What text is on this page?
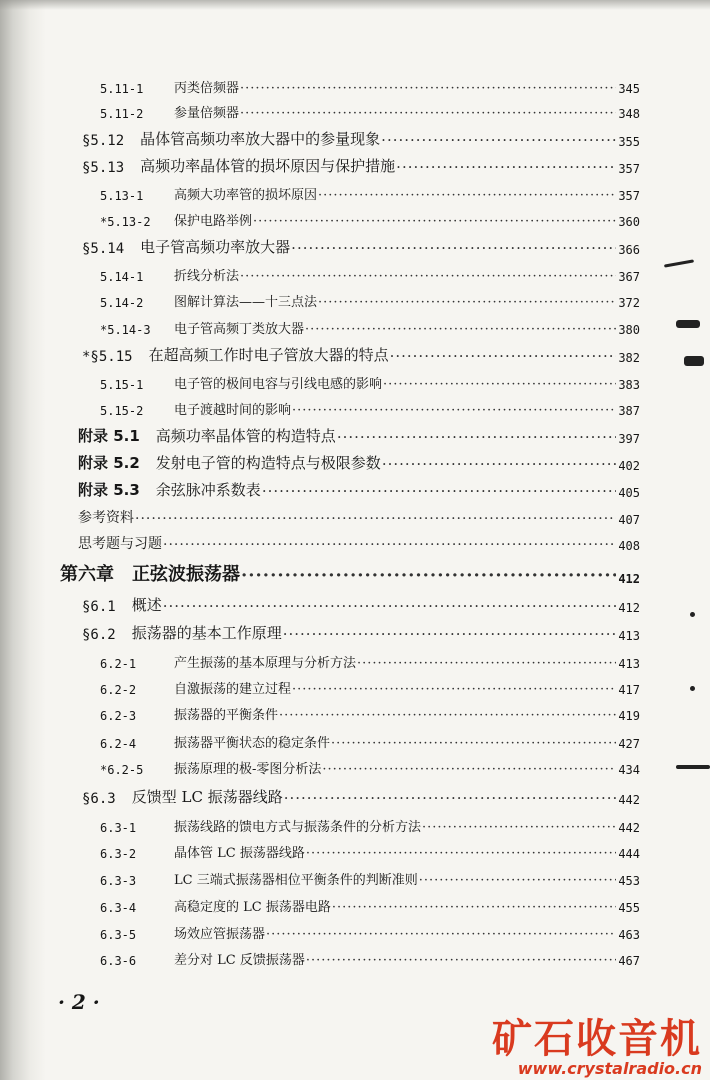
5.11-1	丙类倍频器 ·····	345
5.11-2	参量倍频器 ·····	348
§5.12 晶体管高频功率放大器中的参量现象 ·····	355
§5.13 高频功率晶体管的损坏原因与保护措施 ·····	357
5.13-1	高频大功率管的损坏原因 ·····	357
*5.13-2	保护电路举例 ·····	360
§5.14 电子管高频功率放大器 ·····	366
5.14-1	折线分析法 ·····	367
5.14-2	图解计算法——十三点法 ·····	372
*5.14-3	电子管高频丁类放大器 ·····	380
*§5.15 在超高频工作时电子管放大器的特点 ·····	382
5.15-1	电子管的极间电容与引线电感的影响 ·····	383
5.15-2	电子渡越时间的影响 ·····	387
附录 5.1 高频功率晶体管的构造特点 ·····	397
附录 5.2 发射电子管的构造特点与极限参数 ·····	402
附录 5.3 余弦脉冲系数表 ·····	405
参考资料 ·····	407
思考题与习题 ·····	408
第六章 正弦波振荡器 ·····	412
§6.1 概述 ·····	412
§6.2 振荡器的基本工作原理 ·····	413
6.2-1	产生振荡的基本原理与分析方法 ·····	413
6.2-2	自激振荡的建立过程 ·····	417
6.2-3	振荡器的平衡条件 ·····	419
6.2-4	振荡器平衡状态的稳定条件 ·····	427
*6.2-5	振荡原理的极-零图分析法 ·····	434
§6.3 反馈型 LC 振荡器线路 ·····	442
6.3-1	振荡线路的馈电方式与振荡条件的分析方法 ·····	442
6.3-2	晶体管 LC 振荡器线路 ·····	444
6.3-3	LC 三端式振荡器相位平衡条件的判断准则 ·····	453
6.3-4	高稳定度的 LC 振荡器电路 ·····	455
6.3-5	场效应管振荡器 ·····	463
6.3-6	差分对 LC 反馈振荡器 ·····	467
· 2 ·
矿石收音机
www.crystalradio.cn
